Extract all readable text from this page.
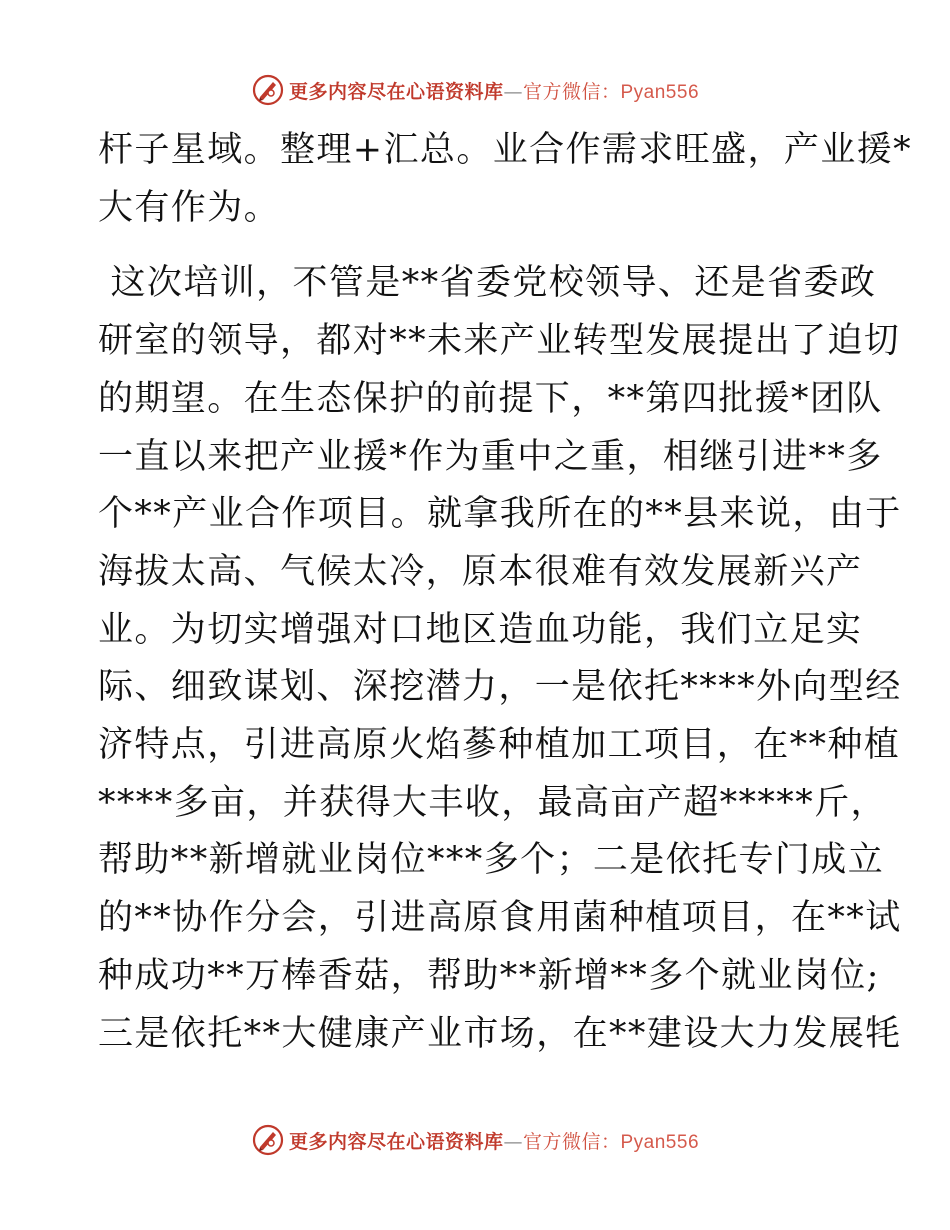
更多内容尽在心语资料库—官方微信：Pyan556

杆子星域。整理+汇总。业合作需求旺盛，产业援*
大有作为。

这次培训，不管是**省委党校领导、还是省委政
研室的领导，都对**未来产业转型发展提出了迫切
的期望。在生态保护的前提下，**第四批援*团队
一直以来把产业援*作为重中之重，相继引进**多
个**产业合作项目。就拿我所在的**县来说，由于
海拔太高、气候太冷，原本很难有效发展新兴产
业。为切实增强对口地区造血功能，我们立足实
际、细致谋划、深挖潜力，一是依托****外向型经
济特点，引进高原火焰蔘种植加工项目，在**种植
****多亩，并获得大丰收，最高亩产超*****斤，
帮助**新增就业岗位***多个；二是依托专门成立
的**协作分会，引进高原食用菌种植项目，在**试
种成功**万棒香菇，帮助**新增**多个就业岗位;
三是依托**大健康产业市场，在**建设大力发展牦

更多内容尽在心语资料库—官方微信：Pyan556
